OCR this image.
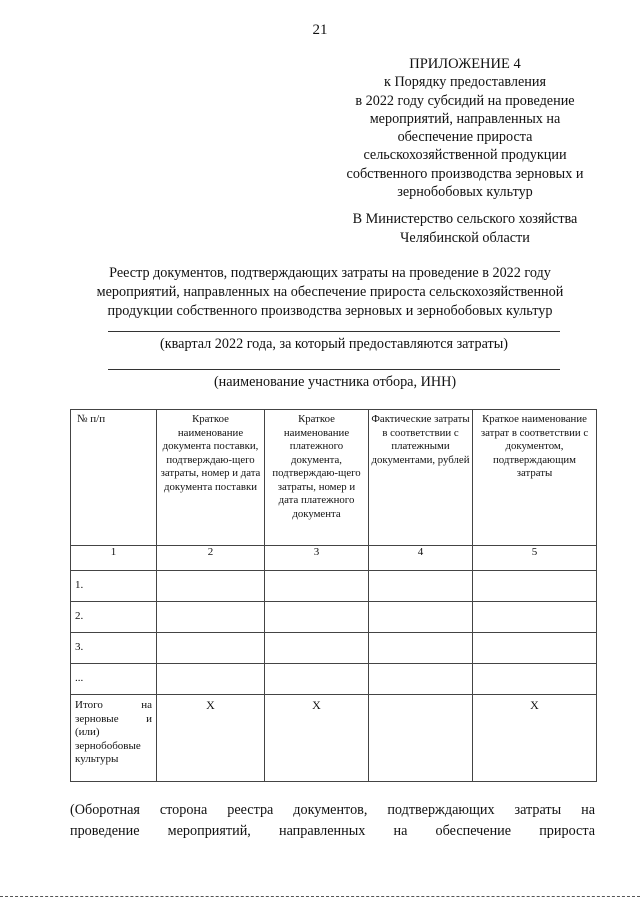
21
ПРИЛОЖЕНИЕ 4
к Порядку предоставления
в 2022 году субсидий на проведение
мероприятий, направленных на
обеспечение прироста
сельскохозяйственной продукции
собственного производства зерновых и
зернобобовых культур
В Министерство сельского хозяйства
Челябинской области
Реестр документов, подтверждающих затраты на проведение в 2022 году
мероприятий, направленных на обеспечение прироста сельскохозяйственной
продукции собственного производства зерновых и зернобобовых культур
(квартал 2022 года, за который предоставляются затраты)
(наименование участника отбора, ИНН)
№ п/п	Краткое наименование документа поставки, подтверждаю-щего затраты, номер и дата документа поставки	Краткое наименование платежного документа, подтверждаю-щего затраты, номер и дата платежного документа	Фактические затраты в соответствии с платежными документами, рублей	Краткое наименование затрат в соответствии с документом, подтверждающим затраты
1	2	3	4	5
1.				
2.				
3.				
...				
Итого на зерновые и (или) зернобобовые культуры	Х	Х		Х

(Оборотная сторона реестра документов, подтверждающих затраты на

проведение мероприятий, направленных на обеспечение прироста
